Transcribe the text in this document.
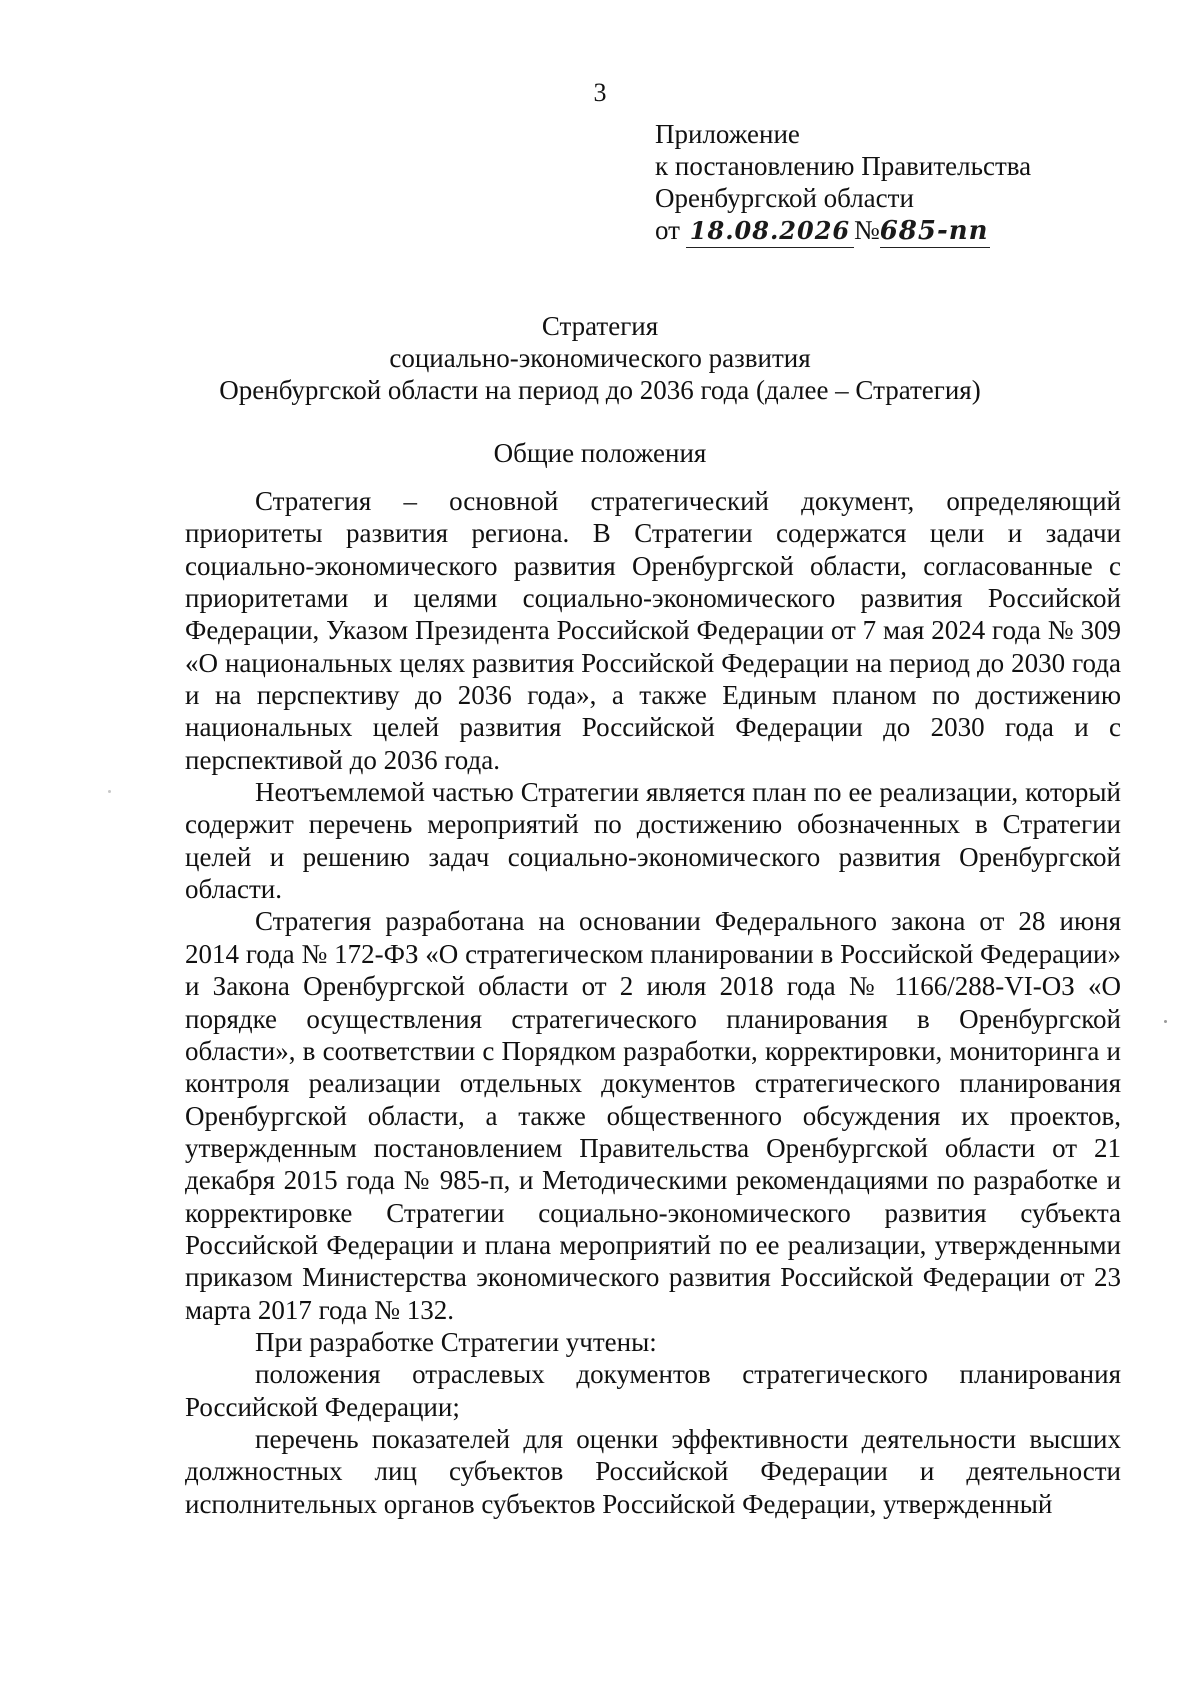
3
Приложение
к постановлению Правительства
Оренбургской области
от 18.08.2026 №685-пп
Стратегия
социально-экономического развития
Оренбургской области на период до 2036 года (далее – Стратегия)
Общие положения

Стратегия – основной стратегический документ, определяющий приоритеты развития региона. В Стратегии содержатся цели и задачи социально-экономического развития Оренбургской области, согласованные с приоритетами и целями социально-экономического развития Российской Федерации, Указом Президента Российской Федерации от 7 мая 2024 года № 309 «О национальных целях развития Российской Федерации на период до 2030 года и на перспективу до 2036 года», а также Единым планом по достижению национальных целей развития Российской Федерации до 2030 года и с перспективой до 2036 года.

Неотъемлемой частью Стратегии является план по ее реализации, который содержит перечень мероприятий по достижению обозначенных в Стратегии целей и решению задач социально-экономического развития Оренбургской области.

Стратегия разработана на основании Федерального закона от 28 июня 2014 года № 172-ФЗ «О стратегическом планировании в Российской Федерации» и Закона Оренбургской области от 2 июля 2018 года № 1166/288-VI-ОЗ «О порядке осуществления стратегического планирования в Оренбургской области», в соответствии с Порядком разработки, корректировки, мониторинга и контроля реализации отдельных документов стратегического планирования Оренбургской области, а также общественного обсуждения их проектов, утвержденным постановлением Правительства Оренбургской области от 21 декабря 2015 года № 985-п, и Методическими рекомендациями по разработке и корректировке Стратегии социально-экономического развития субъекта Российской Федерации и плана мероприятий по ее реализации, утвержденными приказом Министерства экономического развития Российской Федерации от 23 марта 2017 года № 132.

При разработке Стратегии учтены:

положения отраслевых документов стратегического планирования Российской Федерации;

перечень показателей для оценки эффективности деятельности высших должностных лиц субъектов Российской Федерации и деятельности исполнительных органов субъектов Российской Федерации, утвержденный
